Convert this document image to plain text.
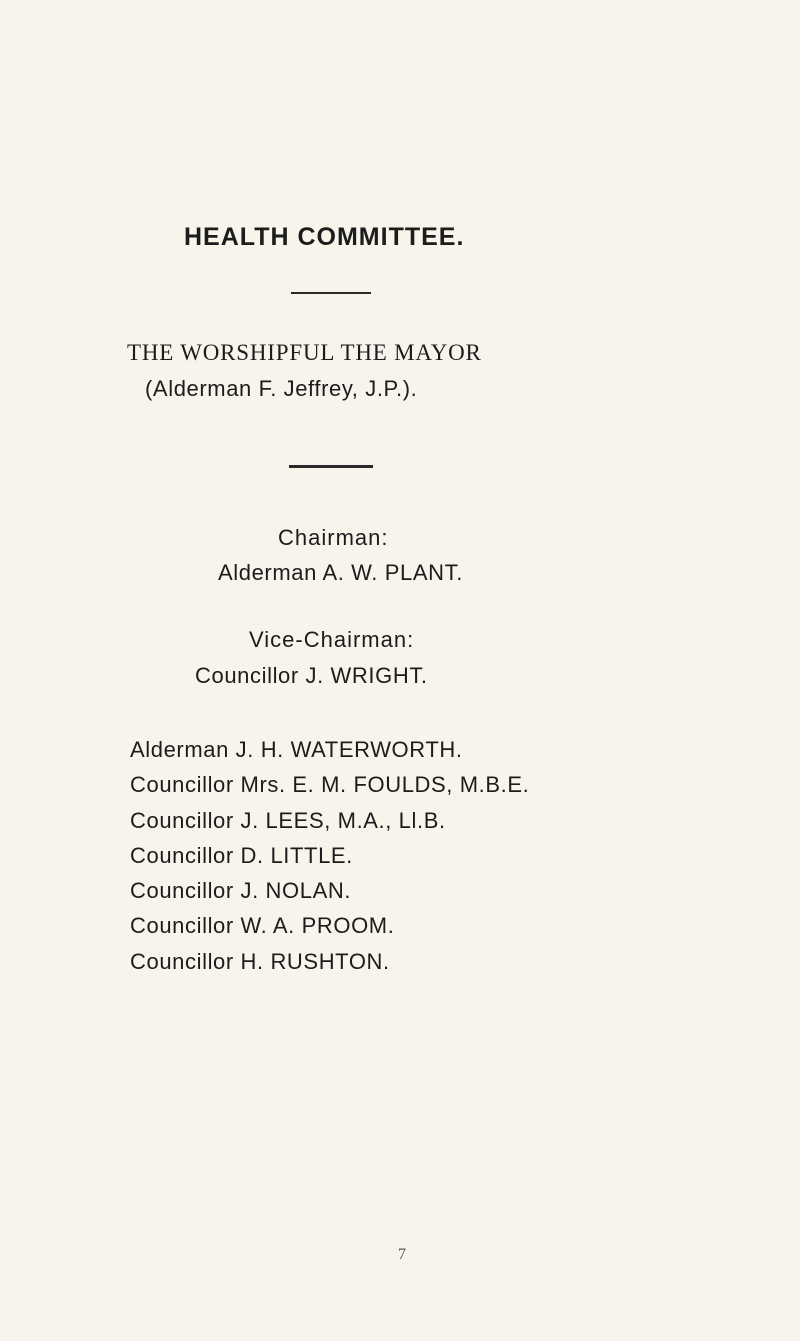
HEALTH COMMITTEE.
THE WORSHIPFUL THE MAYOR
(Alderman F. Jeffrey, J.P.).
Chairman:
Alderman A. W. PLANT.
Vice-Chairman:
Councillor J. WRIGHT.
Alderman J. H. WATERWORTH.
Councillor Mrs. E. M. FOULDS, M.B.E.
Councillor J. LEES, M.A., Ll.B.
Councillor D. LITTLE.
Councillor J. NOLAN.
Councillor W. A. PROOM.
Councillor H. RUSHTON.
7
